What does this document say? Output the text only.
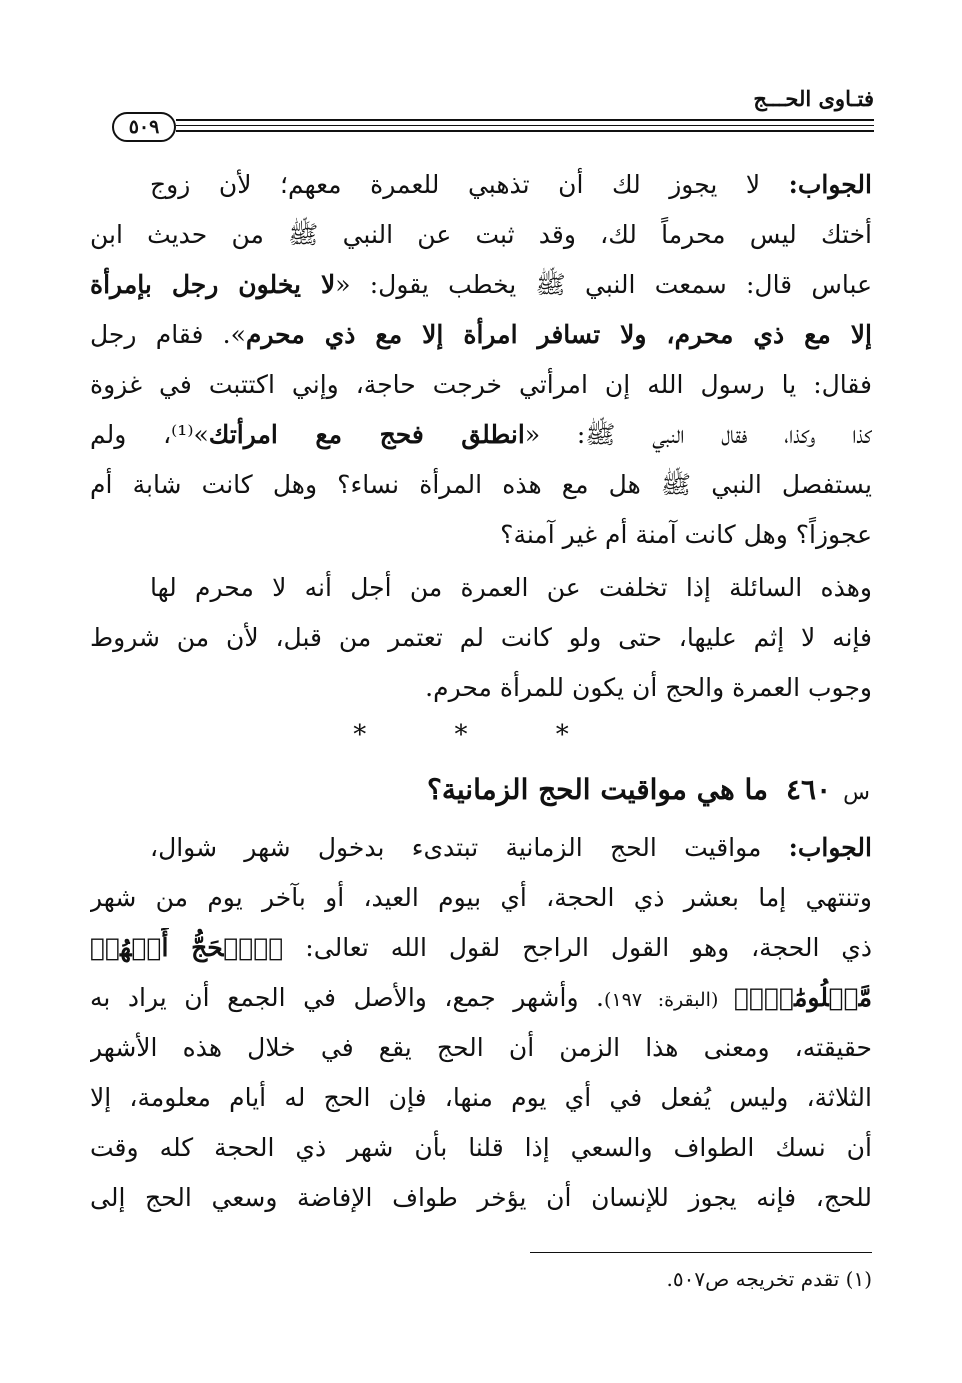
فتـاوى الحـــج
٥٠٩
الجواب: لا يجوز لك أن تذهبي للعمرة معهم؛ لأن زوج
أختك ليس محرماً لك، وقد ثبت عن النبي ﷺ من حديث ابن
عباس قال: سمعت النبي ﷺ يخطب يقول: «لا يخلون رجل بإمرأة
إلا مع ذي محرم، ولا تسافر امرأة إلا مع ذي محرم». فقام رجل
فقال: يا رسول الله إن امرأتي خرجت حاجة، وإني اكتتبت في غزوة
كذا وكذا، فقال النبي ﷺ: «انطلق فحج مع امرأتك»⁽¹⁾، ولم
يستفصل النبي ﷺ هل مع هذه المرأة نساء؟ وهل كانت شابة أم
عجوزاً؟ وهل كانت آمنة أم غير آمنة؟
وهذه السائلة إذا تخلفت عن العمرة من أجل أنه لا محرم لها
فإنه لا إثم عليها، حتى ولو كانت لم تعتمر من قبل، لأن من شروط
وجوب العمرة والحج أن يكون للمرأة محرم.
* * *
س٤٦٠ما هي مواقيت الحج الزمانية؟
الجواب: مواقيت الحج الزمانية تبتدىء بدخول شهر شوال،
وتنتهي إما بعشر ذي الحجة، أي بيوم العيد، أو بآخر يوم من شهر
ذي الحجة، وهو القول الراجح لقول الله تعالى: ﴿ٱلۡحَجُّ أَشۡهُرٞ
مَّعۡلُومَٰتٞۚ﴾ (البقرة: ١٩٧). وأشهر جمع، والأصل في الجمع أن يراد به
حقيقته، ومعنى هذا الزمن أن الحج يقع في خلال هذه الأشهر
الثلاثة، وليس يُفعل في أي يوم منها، فإن الحج له أيام معلومة، إلا
أن نسك الطواف والسعي إذا قلنا بأن شهر ذي الحجة كله وقت
للحج، فإنه يجوز للإنسان أن يؤخر طواف الإفاضة وسعي الحج إلى
(١) تقدم تخريجه ص٥٠٧.
